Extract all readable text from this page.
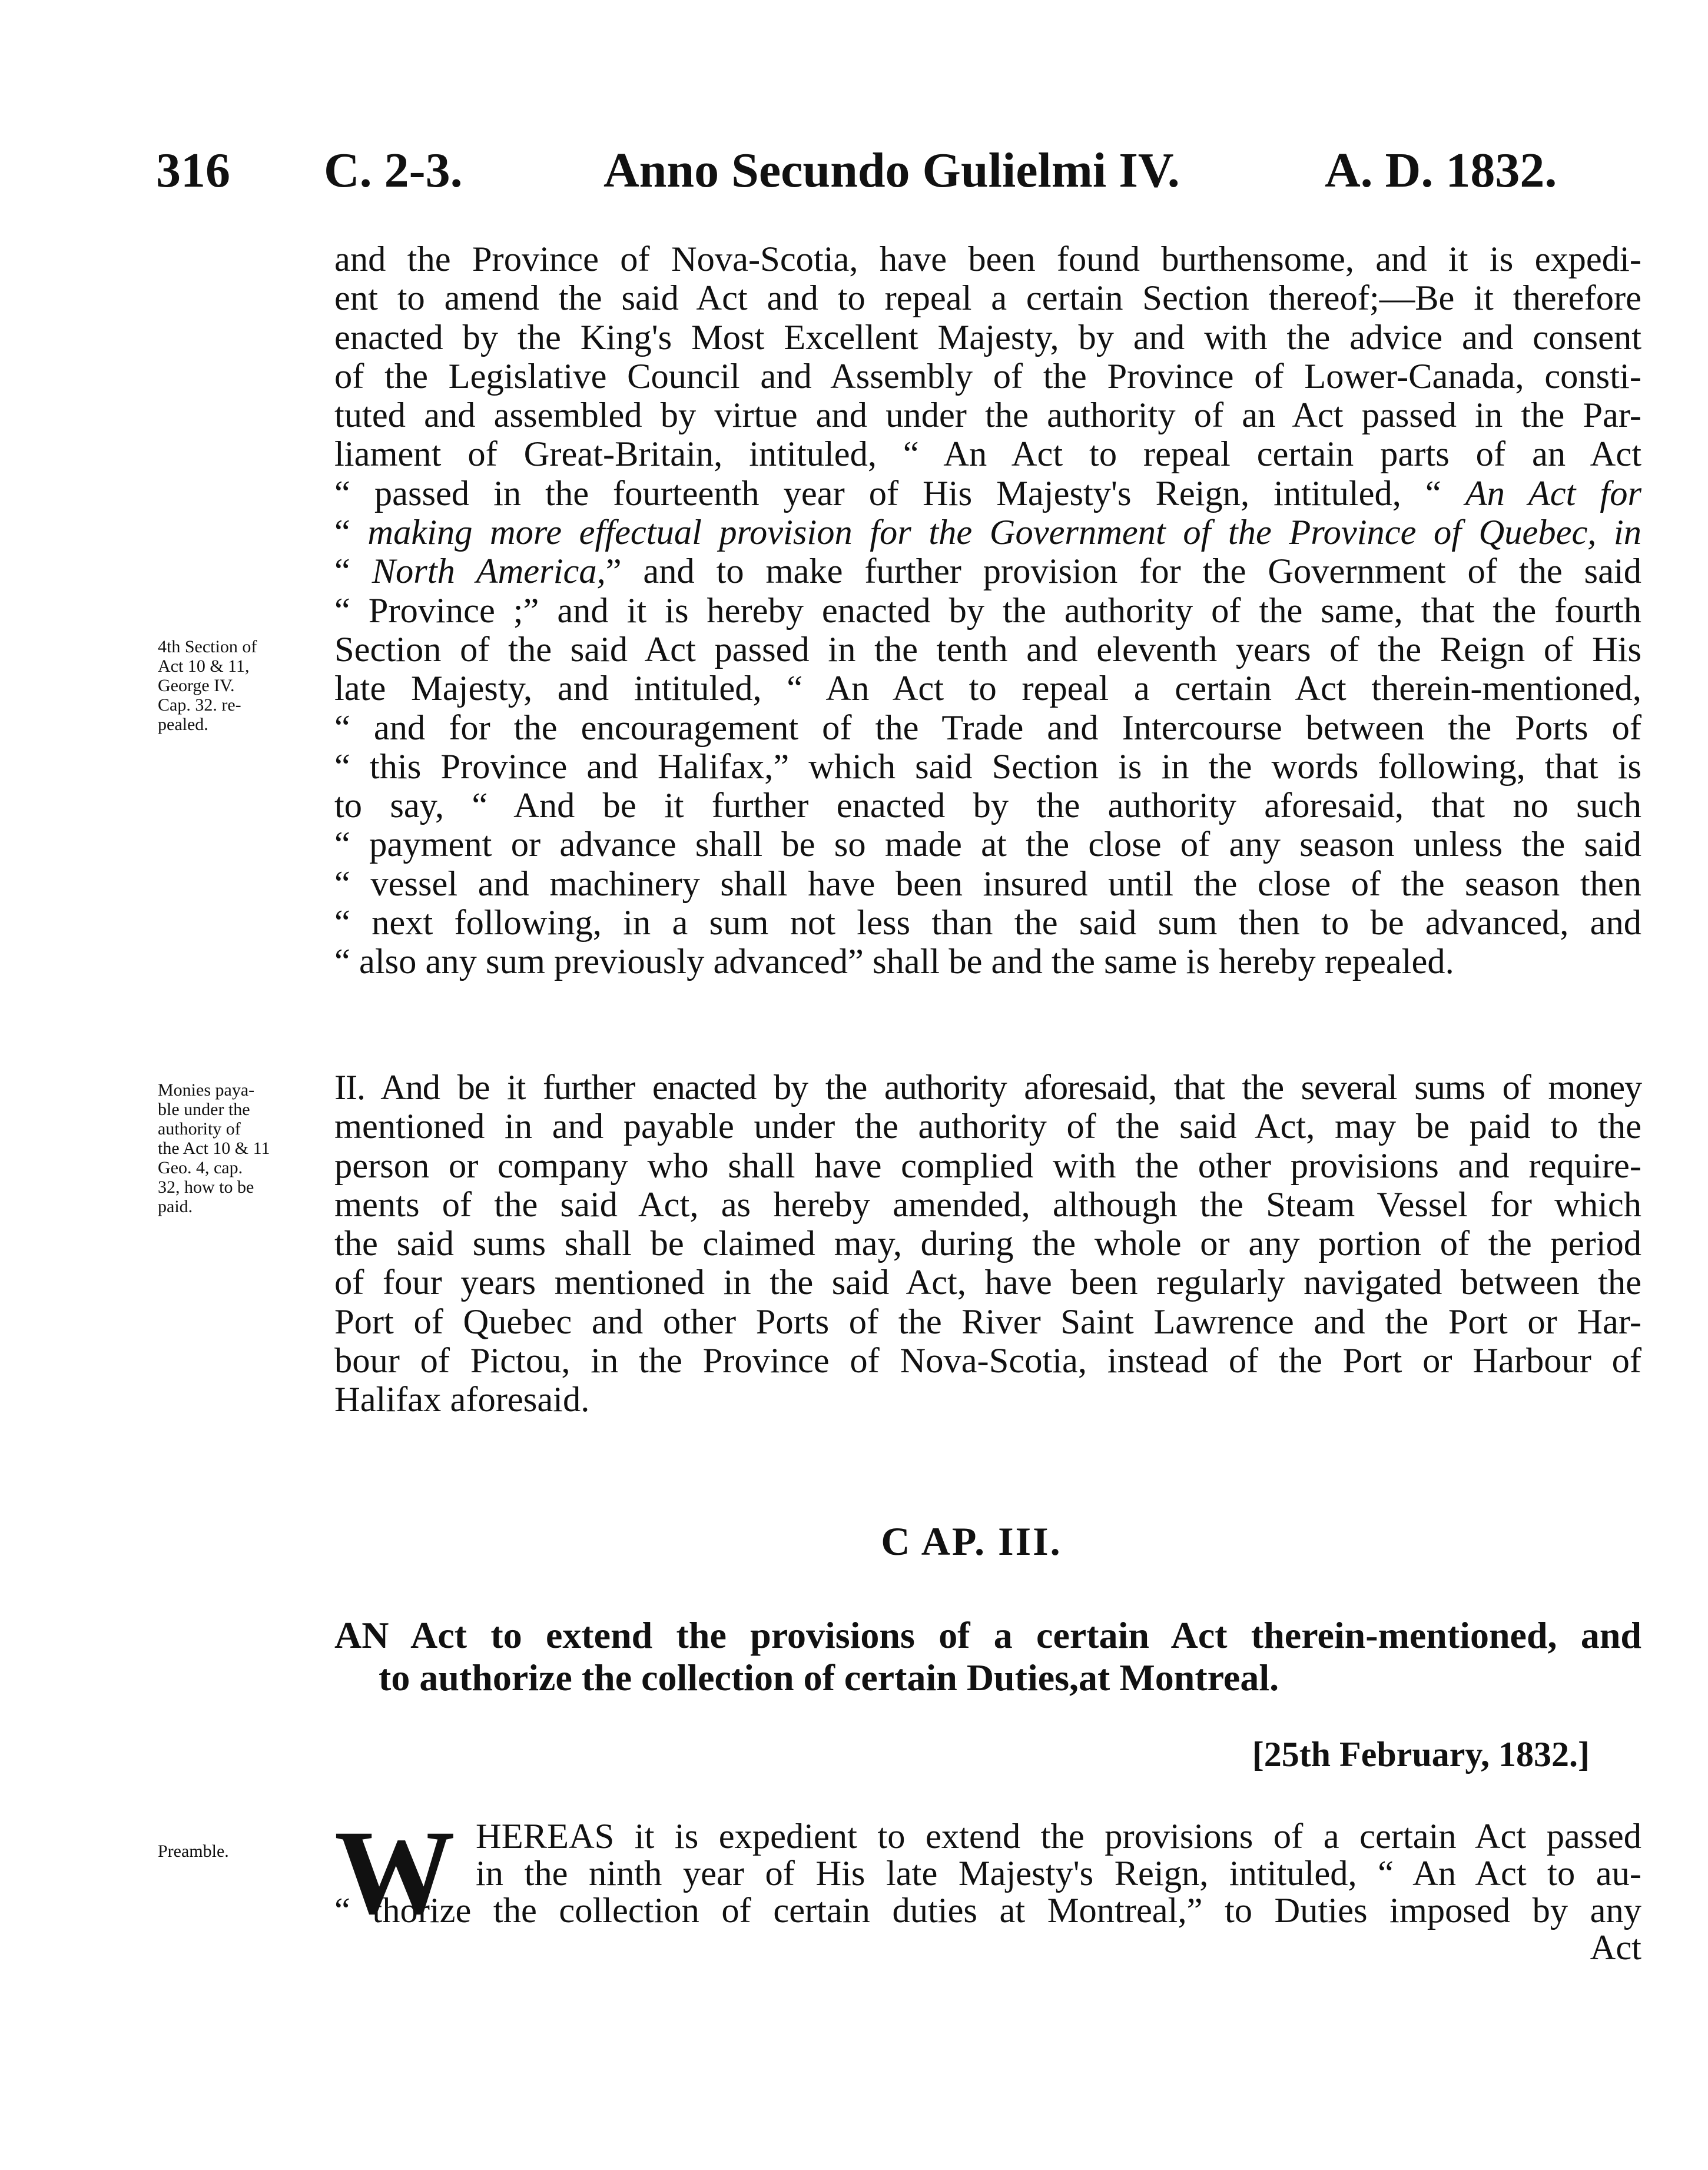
316 C. 2-3.	Anno Secundo Gulielmi IV.	A. D. 1832.
and the Province of Nova-Scotia, have been found burthensome, and it is expedi-
ent to amend the said Act and to repeal a certain Section thereof;—Be it therefore
enacted by the King's Most Excellent Majesty, by and with the advice and consent
of the Legislative Council and Assembly of the Province of Lower-Canada, consti-
tuted and assembled by virtue and under the authority of an Act passed in the Par-
liament of Great-Britain, intituled, “ An Act to repeal certain parts of an Act
“ passed in the fourteenth year of His Majesty's Reign, intituled, “ An Act for
“ making more effectual provision for the Government of the Province of Quebec, in
“ North America,” and to make further provision for the Government of the said
“ Province ;” and it is hereby enacted by the authority of the same, that the fourth
Section of the said Act passed in the tenth and eleventh years of the Reign of His
late Majesty, and intituled, “ An Act to repeal a certain Act therein-mentioned,
“ and for the encouragement of the Trade and Intercourse between the Ports of
“ this Province and Halifax,” which said Section is in the words following, that is
to say, “ And be it further enacted by the authority aforesaid, that no such
“ payment or advance shall be so made at the close of any season unless the said
“ vessel and machinery shall have been insured until the close of the season then
“ next following, in a sum not less than the said sum then to be advanced, and
“ also any sum previously advanced” shall be and the same is hereby repealed.
4th Section of
Act 10 & 11,
George IV.
Cap. 32. re-
pealed.
II. And be it further enacted by the authority aforesaid, that the several sums of money
mentioned in and payable under the authority of the said Act, may be paid to the
person or company who shall have complied with the other provisions and require-
ments of the said Act, as hereby amended, although the Steam Vessel for which
the said sums shall be claimed may, during the whole or any portion of the period
of four years mentioned in the said Act, have been regularly navigated between the
Port of Quebec and other Ports of the River Saint Lawrence and the Port or Har-
bour of Pictou, in the Province of Nova-Scotia, instead of the Port or Harbour of
Halifax aforesaid.
Monies paya-
ble under the
authority of
the Act 10 & 11
Geo. 4, cap.
32, how to be
paid.
C AP. III.
AN Act to extend the provisions of a certain Act therein-mentioned, and
to authorize the collection of certain Duties,at Montreal.
[25th February, 1832.]
Preamble. W HEREAS it is expedient to extend the provisions of a certain Act passed
in the ninth year of His late Majesty's Reign, intituled, “ An Act to au-
“ thorize the collection of certain duties at Montreal,” to Duties imposed by any
Act
